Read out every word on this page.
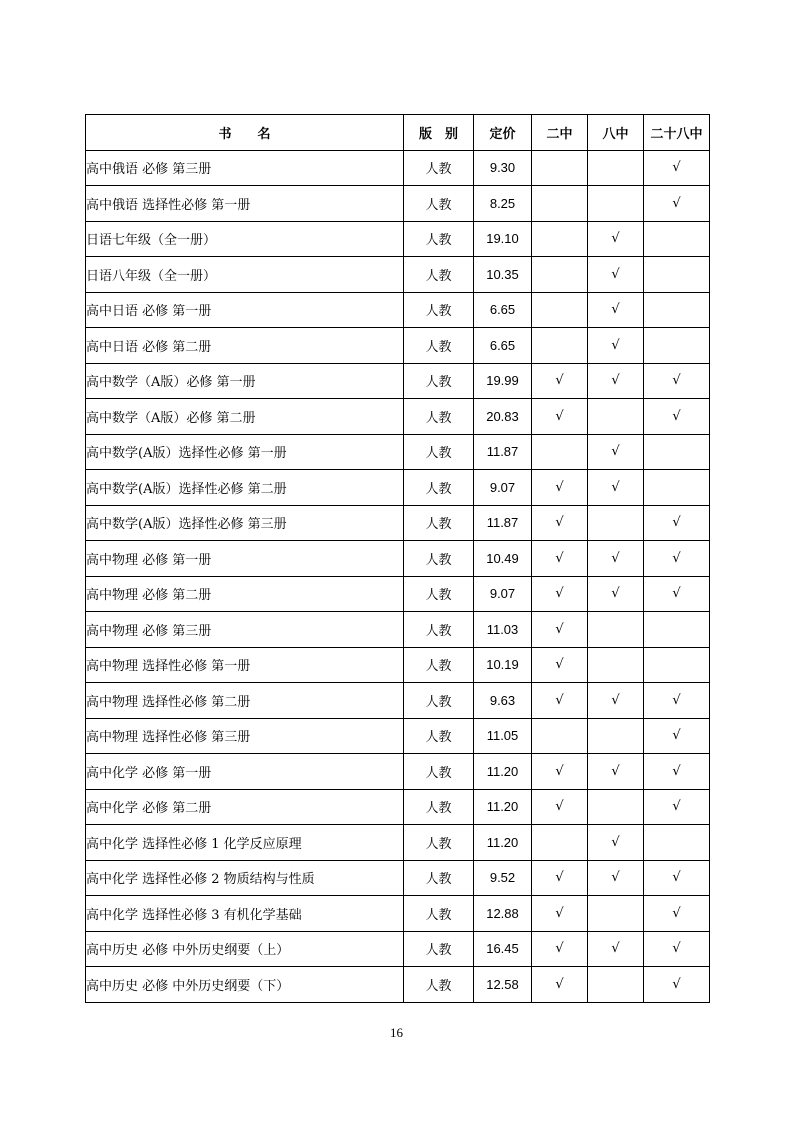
书　　名	版　别	定价	二中	八中	二十八中
高中俄语 必修 第三册	人教	9.30			√
高中俄语 选择性必修 第一册	人教	8.25			√
日语七年级（全一册）	人教	19.10		√	
日语八年级（全一册）	人教	10.35		√	
高中日语 必修 第一册	人教	6.65		√	
高中日语 必修 第二册	人教	6.65		√	
高中数学（A版）必修 第一册	人教	19.99	√	√	√
高中数学（A版）必修 第二册	人教	20.83	√		√
高中数学(A版）选择性必修 第一册	人教	11.87		√	
高中数学(A版）选择性必修 第二册	人教	9.07	√	√	
高中数学(A版）选择性必修 第三册	人教	11.87	√		√
高中物理 必修 第一册	人教	10.49	√	√	√
高中物理 必修 第二册	人教	9.07	√	√	√
高中物理 必修 第三册	人教	11.03	√		
高中物理 选择性必修 第一册	人教	10.19	√		
高中物理 选择性必修 第二册	人教	9.63	√	√	√
高中物理 选择性必修 第三册	人教	11.05			√
高中化学 必修 第一册	人教	11.20	√	√	√
高中化学 必修 第二册	人教	11.20	√		√
高中化学 选择性必修 1 化学反应原理	人教	11.20		√	
高中化学 选择性必修 2 物质结构与性质	人教	9.52	√	√	√
高中化学 选择性必修 3 有机化学基础	人教	12.88	√		√
高中历史 必修 中外历史纲要（上）	人教	16.45	√	√	√
高中历史 必修 中外历史纲要（下）	人教	12.58	√		√
16
